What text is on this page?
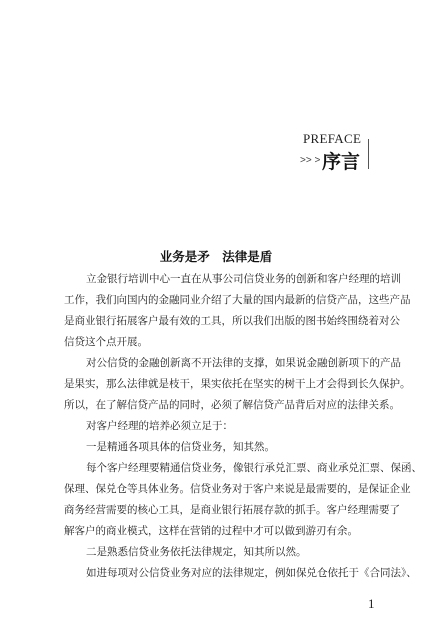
PREFACE
>> > 序言
业务是矛　法律是盾
立金银行培训中心一直在从事公司信贷业务的创新和客户经理的培训
工作，我们向国内的金融同业介绍了大量的国内最新的信贷产品，这些产品
是商业银行拓展客户最有效的工具，所以我们出版的图书始终围绕着对公
信贷这个点开展。
对公信贷的金融创新离不开法律的支撑，如果说金融创新项下的产品
是果实，那么法律就是枝干，果实依托在坚实的树干上才会得到长久保护。
所以，在了解信贷产品的同时，必须了解信贷产品背后对应的法律关系。
对客户经理的培养必须立足于：
一是精通各项具体的信贷业务，知其然。
每个客户经理要精通信贷业务，像银行承兑汇票、商业承兑汇票、保函、
保理、保兑仓等具体业务。信贷业务对于客户来说是最需要的，是保证企业
商务经营需要的核心工具，是商业银行拓展存款的抓手。客户经理需要了
解客户的商业模式，这样在营销的过程中才可以做到游刃有余。
二是熟悉信贷业务依托法律规定，知其所以然。
如进每项对公信贷业务对应的法律规定，例如保兑仓依托于《合同法》、
1
